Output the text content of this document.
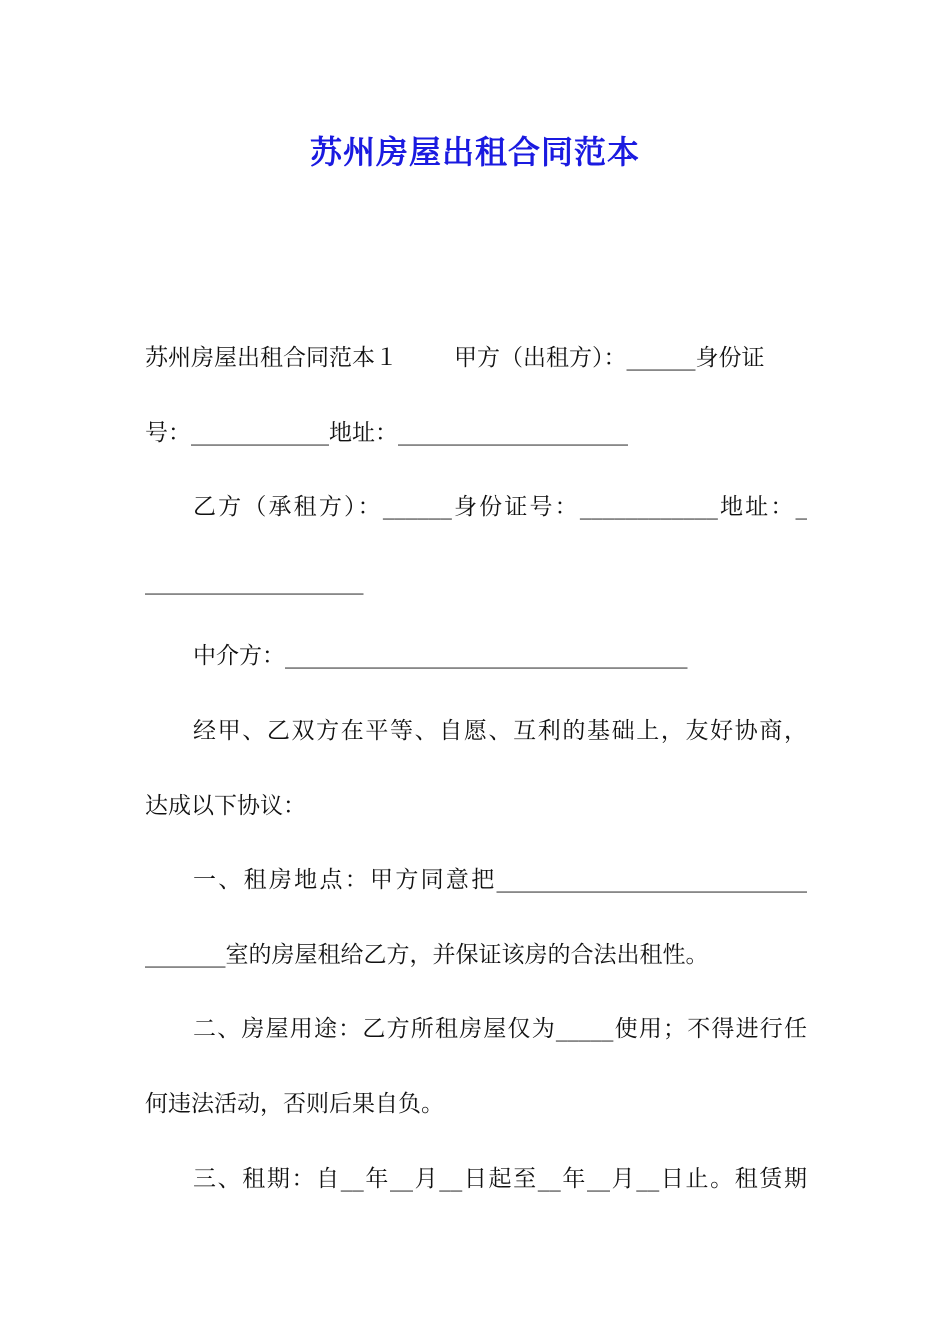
苏州房屋出租合同范本
苏州房屋出租合同范本１ 甲方（出租方）：______身份证
号：____________地址：____________________
乙方（承租方）：______身份证号：____________地址：_
___________________
中介方：___________________________________
经甲、乙双方在平等、自愿、互利的基础上，友好协商，
达成以下协议：
一、租房地点：甲方同意把___________________________
_______室的房屋租给乙方，并保证该房的合法出租性。
二、房屋用途：乙方所租房屋仅为_____使用；不得进行任
何违法活动，否则后果自负。
三、租期：自__年__月__日起至__年__月__日止。租赁期
